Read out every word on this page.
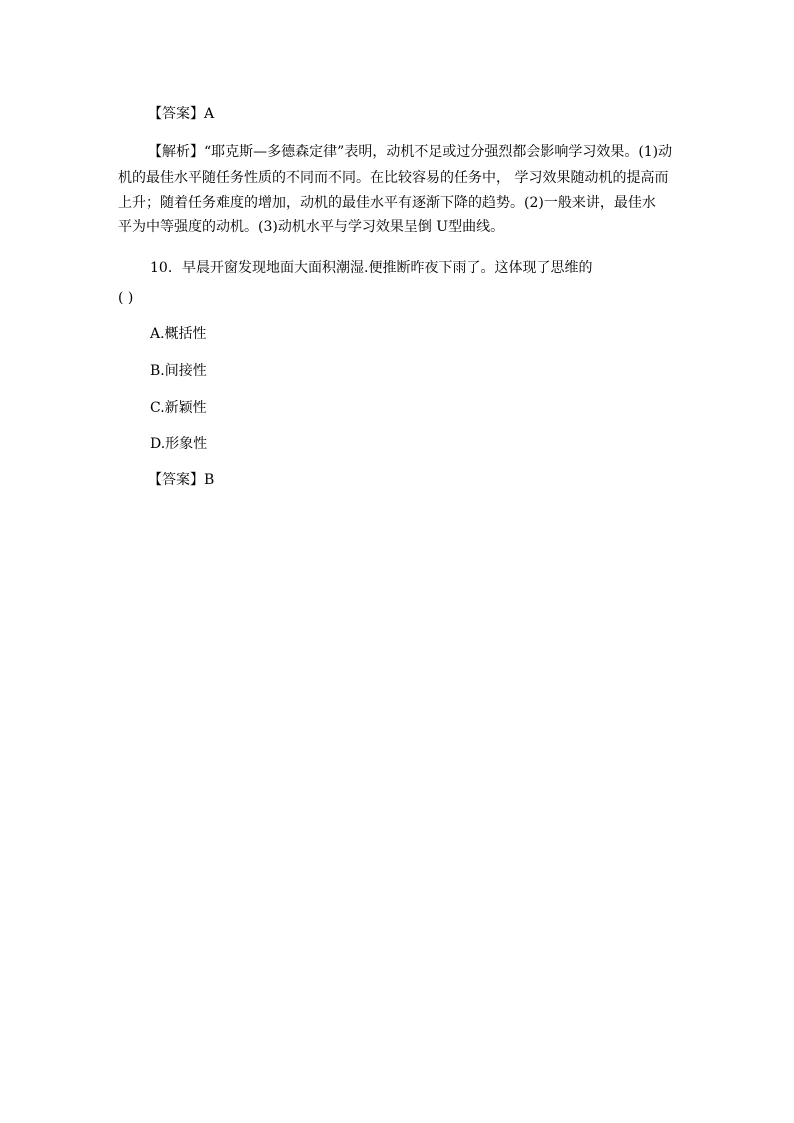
【答案】A
【解析】“耶克斯—多德森定律”表明，动机不足或过分强烈都会影响学习效果。(1)动
机的最佳水平随任务性质的不同而不同。在比较容易的任务中， 学习效果随动机的提高而
上升；随着任务难度的增加，动机的最佳水平有逐渐下降的趋势。(2)一般来讲，最佳水
平为中等强度的动机。(3)动机水平与学习效果呈倒 U型曲线。
10. 早晨开窗发现地面大面积潮湿.便推断昨夜下雨了。这体现了思维的
( )
A.概括性
B.间接性
C.新颖性
D.形象性
【答案】B
